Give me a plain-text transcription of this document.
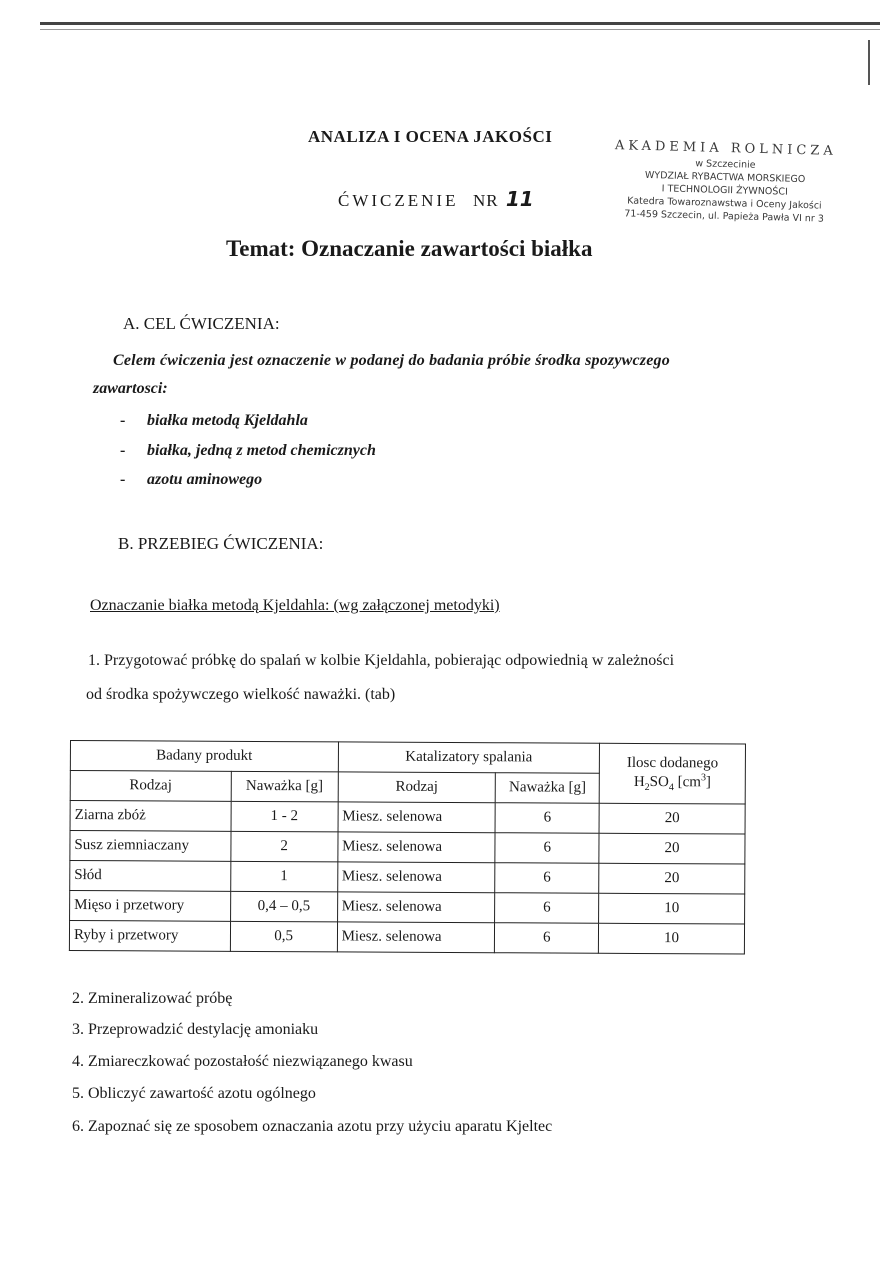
ANALIZA I OCENA JAKOŚCI
ĆWICZENIE NR 11
AKADEMIA ROLNICZA
w Szczecinie
WYDZIAŁ RYBACTWA MORSKIEGO
I TECHNOLOGII ŻYWNOŚCI
Katedra Towaroznawstwa i Oceny Jakości
71-459 Szczecin, ul. Papieża Pawła VI nr 3
Temat: Oznaczanie zawartości białka
A. CEL ĆWICZENIA:
Celem ćwiczenia jest oznaczenie w podanej do badania próbie środka spozywczego
zawartosci:
- białka metodą Kjeldahla
- białka, jedną z metod chemicznych
- azotu aminowego
B. PRZEBIEG ĆWICZENIA:
Oznaczanie białka metodą Kjeldahla: (wg załączonej metodyki)
1. Przygotować próbkę do spalań w kolbie Kjeldahla, pobierając odpowiednią w zależności
od środka spożywczego wielkość naważki. (tab)
Badany produkt		Katalizatory spalania		Ilosc dodanego
$H_2SO_4$ $[cm^3]$

Rodzaj	Naważka [g]	Rodzaj	Naważka [g]	
Ziarna zbóż	1 - 2	Miesz. selenowa	6	20
Susz ziemniaczany	2	Miesz. selenowa	6	20
Słód	1	Miesz. selenowa	6	20
Mięso i przetwory	0,4 – 0,5	Miesz. selenowa	6	10
Ryby i przetwory	0,5	Miesz. selenowa	6	10
2. Zmineralizować próbę
3. Przeprowadzić destylację amoniaku
4. Zmiareczkować pozostałość niezwiązanego kwasu
5. Obliczyć zawartość azotu ogólnego
6. Zapoznać się ze sposobem oznaczania azotu przy użyciu aparatu Kjeltec
